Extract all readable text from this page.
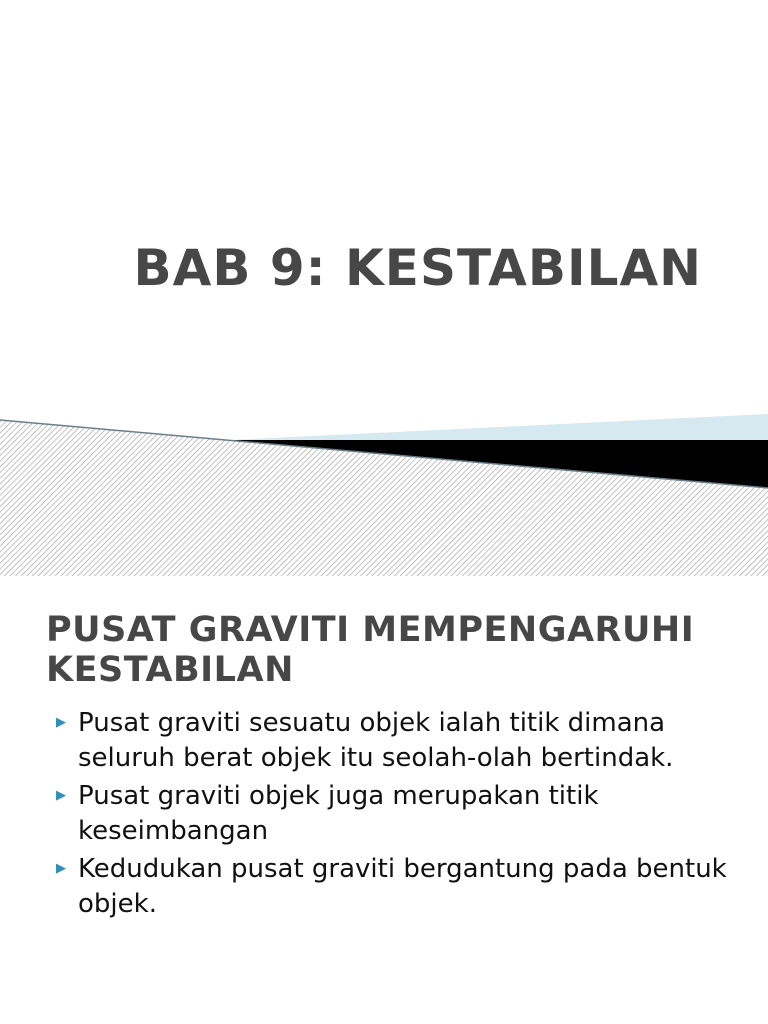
BAB 9: KESTABILAN
PUSAT GRAVITI MEMPENGARUHI KESTABILAN
▶ Pusat graviti sesuatu objek ialah titik dimana seluruh berat objek itu seolah-olah bertindak.
▶ Pusat graviti objek juga merupakan titik keseimbangan
▶ Kedudukan pusat graviti bergantung pada bentuk objek.
